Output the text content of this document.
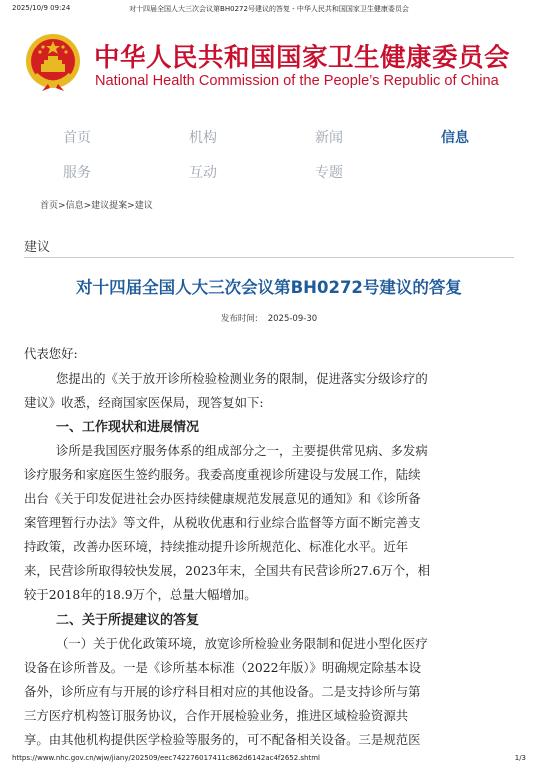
2025/10/9 09:24	对十四届全国人大三次会议第BH0272号建议的答复 - 中华人民共和国国家卫生健康委员会
中华人民共和国国家卫生健康委员会
National Health Commission of the People’s Republic of China
首页	机构	新闻	信息
服务	互动	专题
首页>信息>建议提案>建议
建议
对十四届全国人大三次会议第BH0272号建议的答复
发布时间: 2025-09-30
代表您好:
您提出的《关于放开诊所检验检测业务的限制，促进落实分级诊疗的
建议》收悉，经商国家医保局，现答复如下:
一、工作现状和进展情况
诊所是我国医疗服务体系的组成部分之一，主要提供常见病、多发病
诊疗服务和家庭医生签约服务。我委高度重视诊所建设与发展工作，陆续
出台《关于印发促进社会办医持续健康规范发展意见的通知》和《诊所备
案管理暂行办法》等文件，从税收优惠和行业综合监督等方面不断完善支
持政策，改善办医环境，持续推动提升诊所规范化、标准化水平。近年
来，民营诊所取得较快发展，2023年末，全国共有民营诊所27.6万个，相
较于2018年的18.9万个，总量大幅增加。
二、关于所提建议的答复
（一）关于优化政策环境，放宽诊所检验业务限制和促进小型化医疗
设备在诊所普及。一是《诊所基本标准（2022年版）》明确规定除基本设
备外，诊所应有与开展的诊疗科目相对应的其他设备。二是支持诊所与第
三方医疗机构签订服务协议，合作开展检验业务，推进区域检验资源共
享。由其他机构提供医学检验等服务的，可不配备相关设备。三是规范医
https://www.nhc.gov.cn/wjw/jiany/202509/eec742276017411c862d6142ac4f2652.shtml	1/3
